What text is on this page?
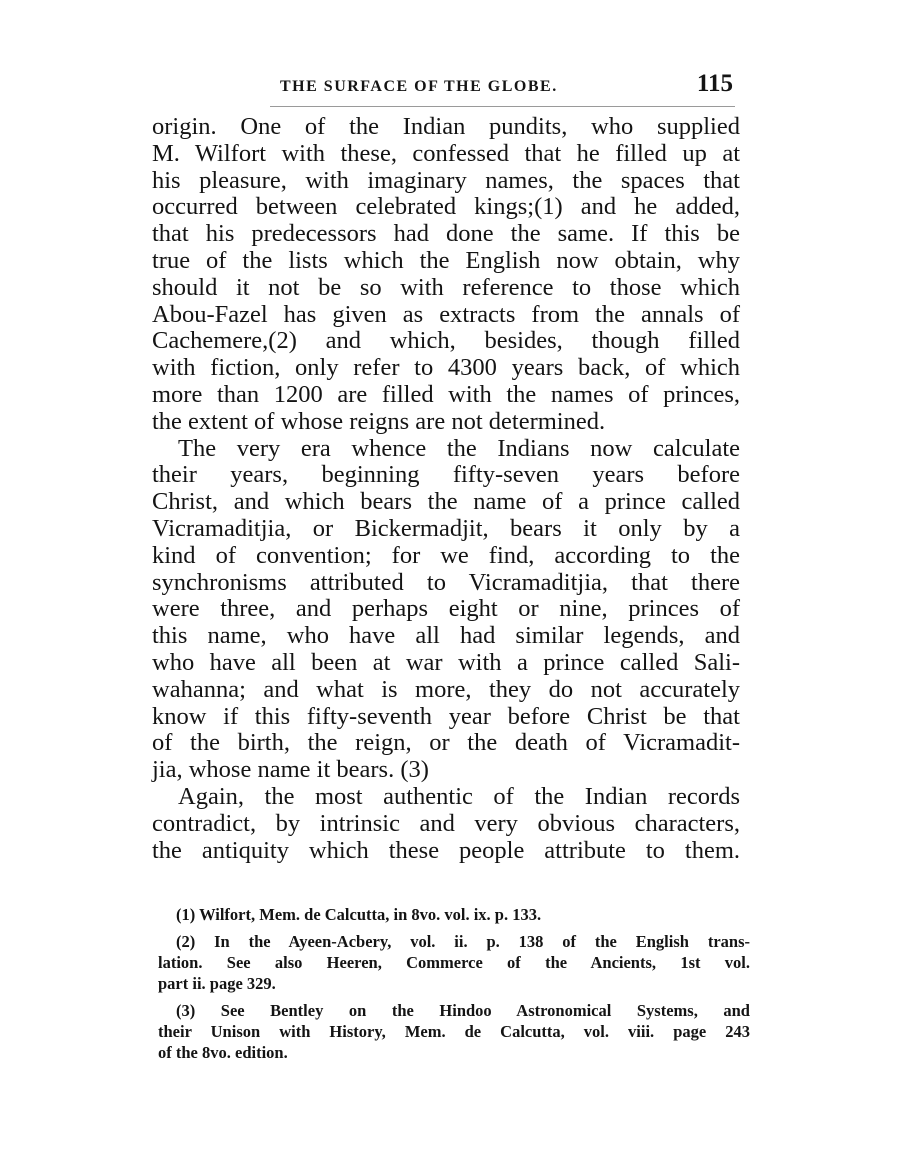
THE SURFACE OF THE GLOBE.	115
origin. One of the Indian pundits, who supplied
M. Wilfort with these, confessed that he filled up at
his pleasure, with imaginary names, the spaces that
occurred between celebrated kings;(1) and he added,
that his predecessors had done the same. If this be
true of the lists which the English now obtain, why
should it not be so with reference to those which
Abou-Fazel has given as extracts from the annals of
Cachemere,(2) and which, besides, though filled
with fiction, only refer to 4300 years back, of which
more than 1200 are filled with the names of princes,
the extent of whose reigns are not determined.
The very era whence the Indians now calculate
their years, beginning fifty-seven years before
Christ, and which bears the name of a prince called
Vicramaditjia, or Bickermadjit, bears it only by a
kind of convention; for we find, according to the
synchronisms attributed to Vicramaditjia, that there
were three, and perhaps eight or nine, princes of
this name, who have all had similar legends, and
who have all been at war with a prince called Sali-
wahanna; and what is more, they do not accurately
know if this fifty-seventh year before Christ be that
of the birth, the reign, or the death of Vicramadit-
jia, whose name it bears. (3)
Again, the most authentic of the Indian records
contradict, by intrinsic and very obvious characters,
the antiquity which these people attribute to them.
(1) Wilfort, Mem. de Calcutta, in 8vo. vol. ix. p. 133.
(2) In the Ayeen-Acbery, vol. ii. p. 138 of the English trans-
lation. See also Heeren, Commerce of the Ancients, 1st vol.
part ii. page 329.
(3) See Bentley on the Hindoo Astronomical Systems, and
their Unison with History, Mem. de Calcutta, vol. viii. page 243
of the 8vo. edition.
